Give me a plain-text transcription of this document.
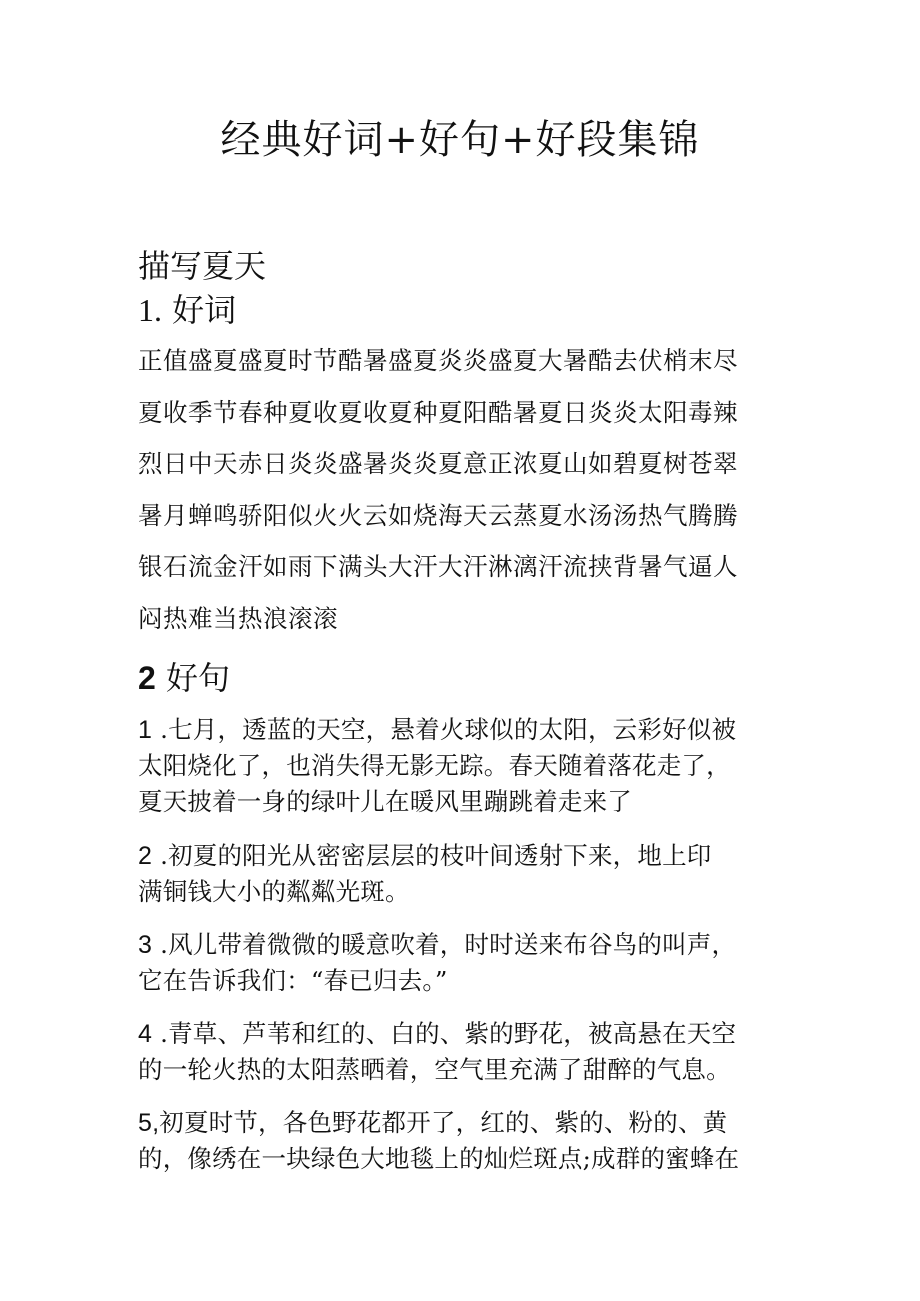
经典好词+好句+好段集锦
描写夏天
1. 好词
正值盛夏盛夏时节酷暑盛夏炎炎盛夏大暑酷去伏梢末尽
夏收季节春种夏收夏收夏种夏阳酷暑夏日炎炎太阳毒辣
烈日中天赤日炎炎盛暑炎炎夏意正浓夏山如碧夏树苍翠
暑月蝉鸣骄阳似火火云如烧海天云蒸夏水汤汤热气腾腾
银石流金汗如雨下满头大汗大汗淋漓汗流挟背暑气逼人
闷热难当热浪滚滚
2 好句
1 .七月，透蓝的天空，悬着火球似的太阳，云彩好似被
太阳烧化了，也消失得无影无踪。春天随着落花走了，
夏天披着一身的绿叶儿在暖风里蹦跳着走来了
2 .初夏的阳光从密密层层的枝叶间透射下来，地上印
满铜钱大小的粼粼光斑。
3 .风儿带着微微的暖意吹着，时时送来布谷鸟的叫声，
它在告诉我们：“春已归去。”
4 .青草、芦苇和红的、白的、紫的野花，被高悬在天空
的一轮火热的太阳蒸晒着，空气里充满了甜醉的气息。
5,初夏时节，各色野花都开了，红的、紫的、粉的、黄
的，像绣在一块绿色大地毯上的灿烂斑点;成群的蜜蜂在
